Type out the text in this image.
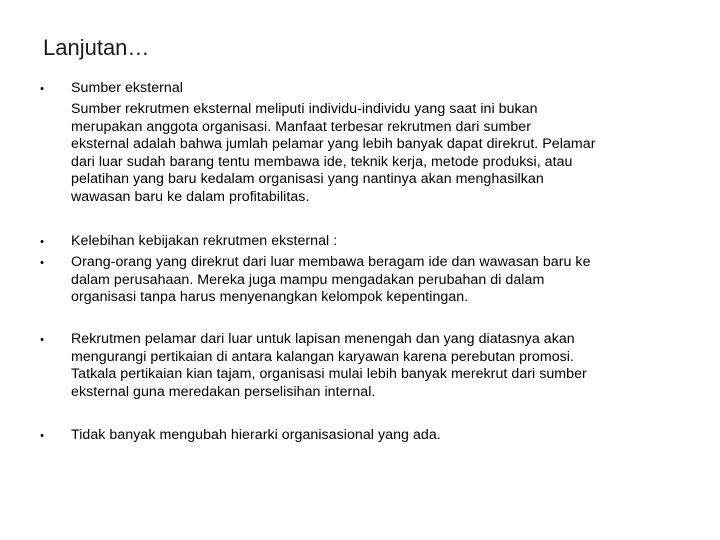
Lanjutan…
• Sumber eksternal
Sumber rekrutmen eksternal meliputi individu-individu yang saat ini bukan
merupakan anggota organisasi. Manfaat terbesar rekrutmen dari sumber
eksternal adalah bahwa jumlah pelamar yang lebih banyak dapat direkrut. Pelamar
dari luar sudah barang tentu membawa ide, teknik kerja, metode produksi, atau
pelatihan yang baru kedalam organisasi yang nantinya akan menghasilkan
wawasan baru ke dalam profitabilitas.
• Kelebihan kebijakan rekrutmen eksternal :
• Orang-orang yang direkrut dari luar membawa beragam ide dan wawasan baru ke
dalam perusahaan. Mereka juga mampu mengadakan perubahan di dalam
organisasi tanpa harus menyenangkan kelompok kepentingan.
• Rekrutmen pelamar dari luar untuk lapisan menengah dan yang diatasnya akan
mengurangi pertikaian di antara kalangan karyawan karena perebutan promosi.
Tatkala pertikaian kian tajam, organisasi mulai lebih banyak merekrut dari sumber
eksternal guna meredakan perselisihan internal.
• Tidak banyak mengubah hierarki organisasional yang ada.
